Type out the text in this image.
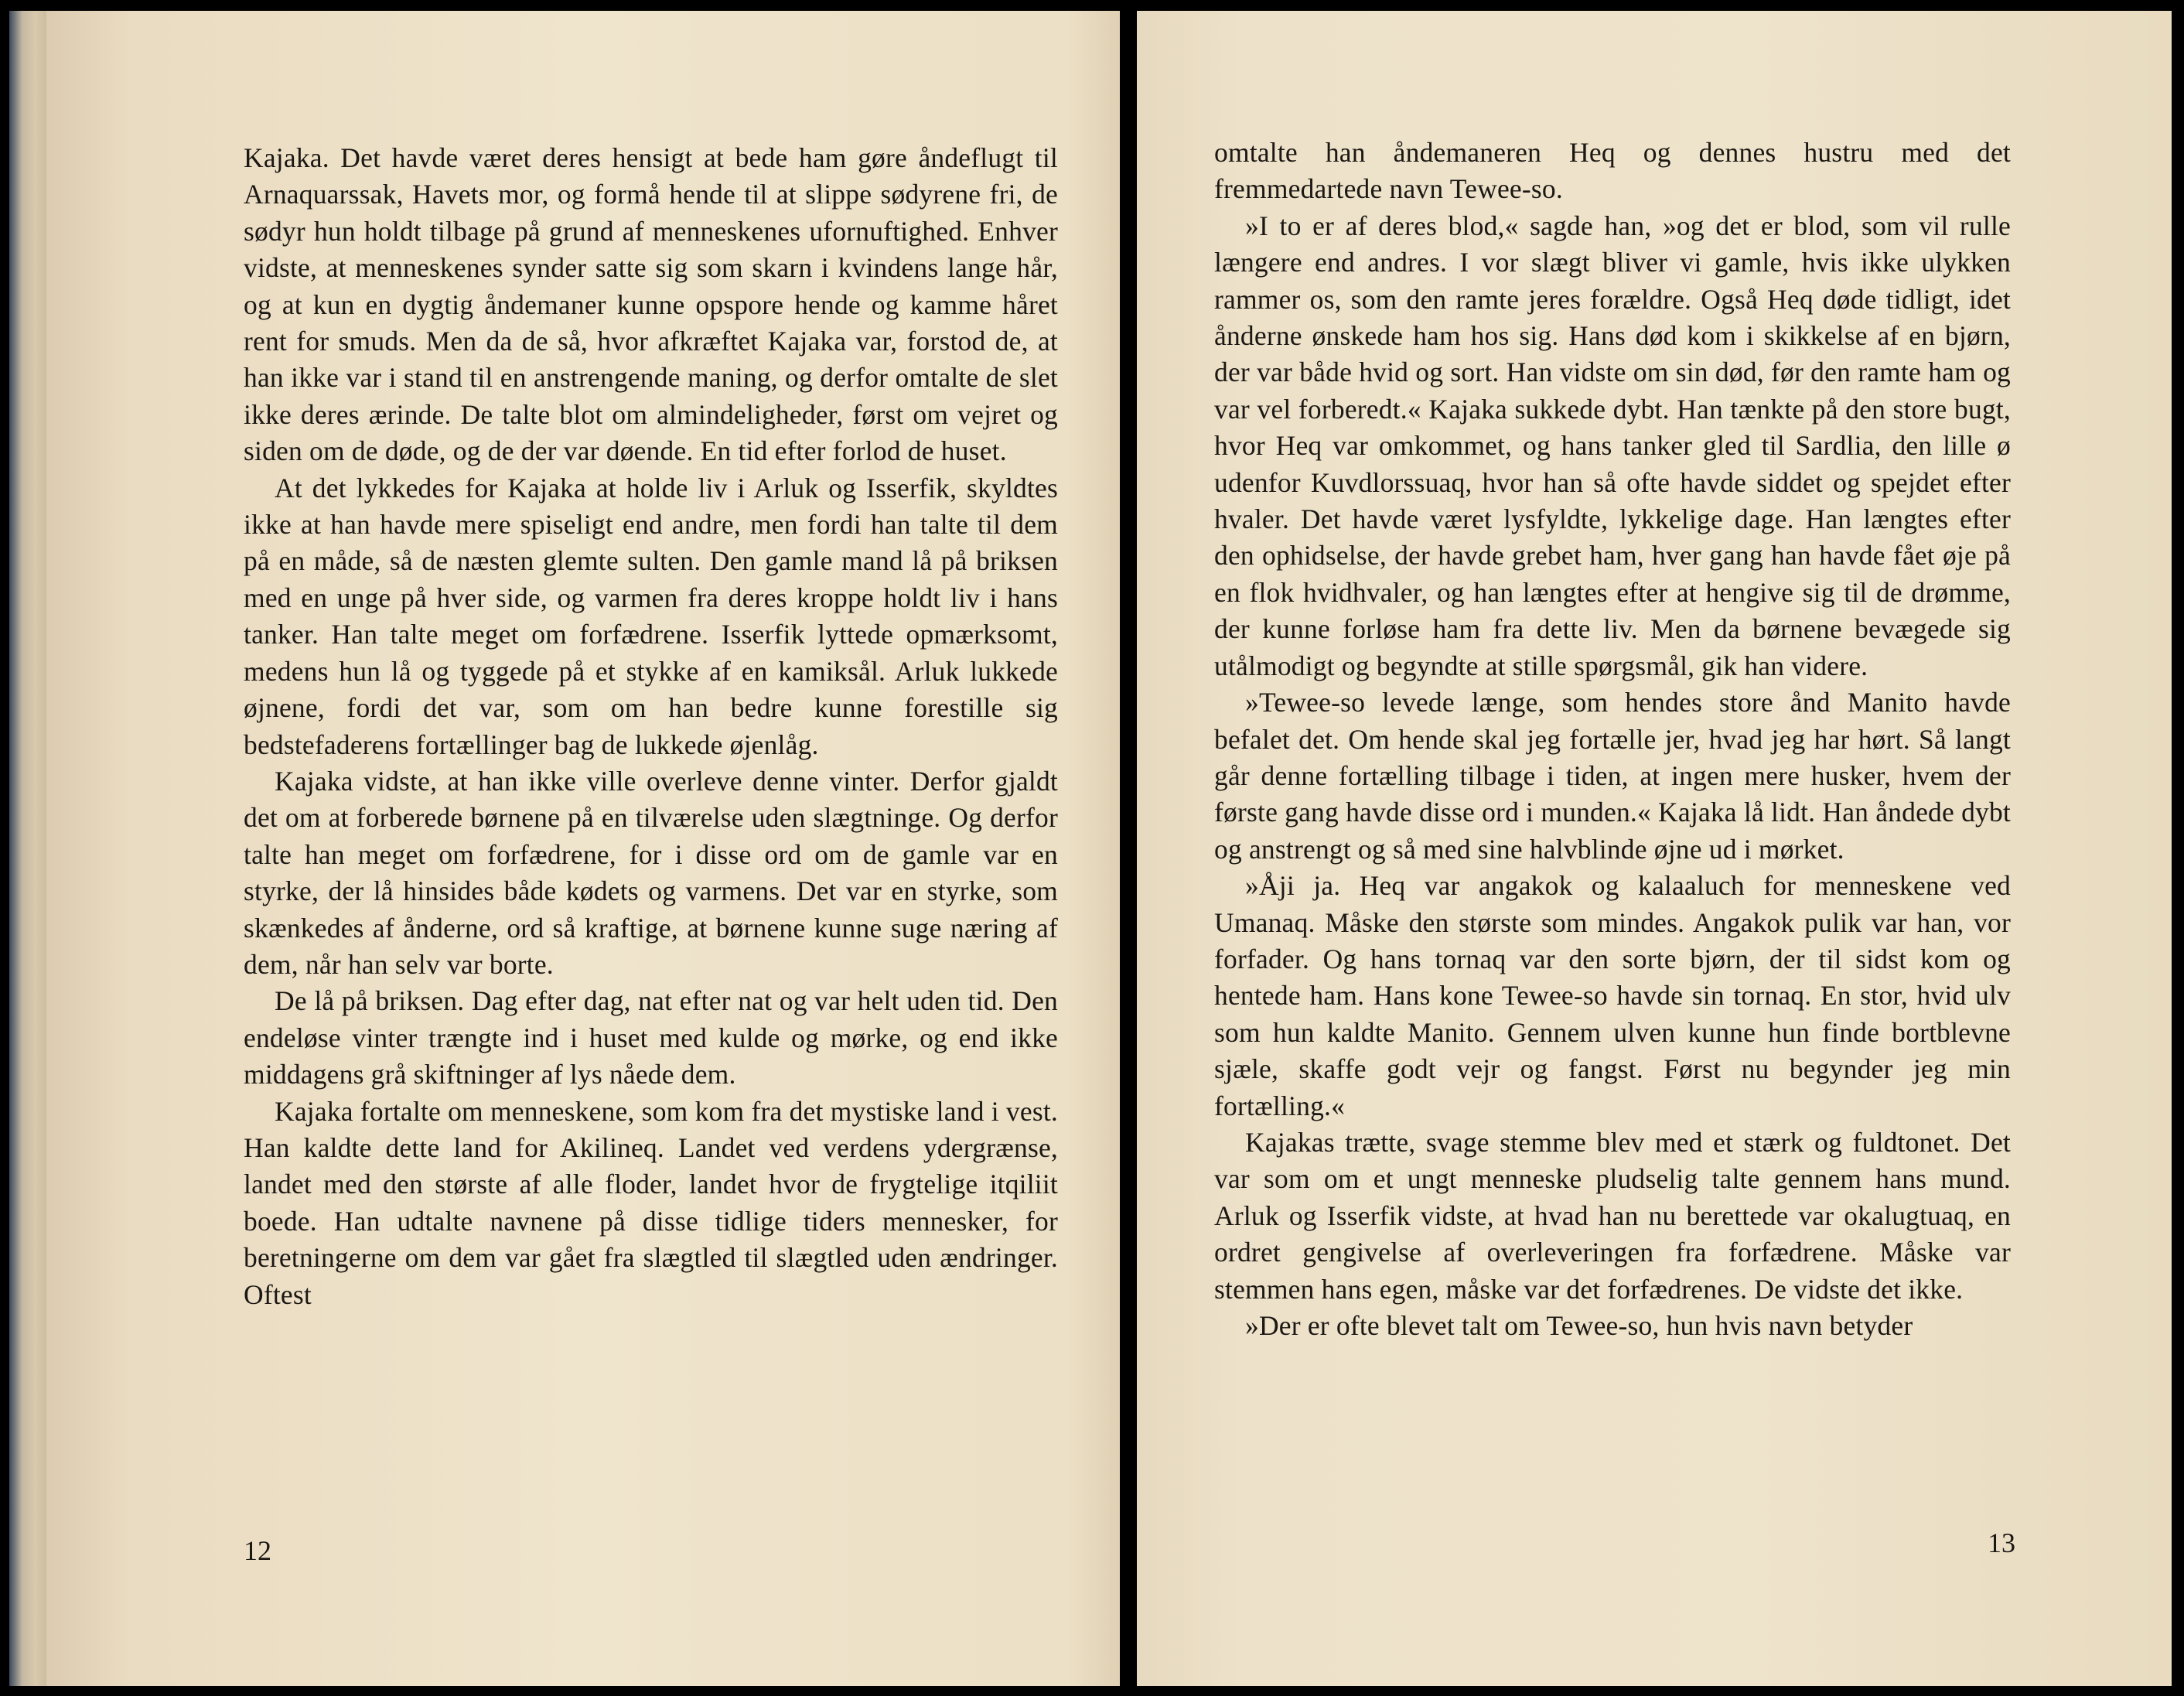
Kajaka. Det havde været deres hensigt at bede ham gøre åndeflugt til Arnaquarssak, Havets mor, og formå hende til at slippe sødyrene fri, de sødyr hun holdt tilbage på grund af menneskenes ufornuftighed. Enhver vidste, at menneskenes synder satte sig som skarn i kvindens lange hår, og at kun en dygtig åndemaner kunne opspore hende og kamme håret rent for smuds. Men da de så, hvor afkræftet Kajaka var, forstod de, at han ikke var i stand til en anstrengende maning, og derfor omtalte de slet ikke deres ærinde. De talte blot om almindeligheder, først om vejret og siden om de døde, og de der var døende. En tid efter forlod de huset.

At det lykkedes for Kajaka at holde liv i Arluk og Isserfik, skyldtes ikke at han havde mere spiseligt end andre, men fordi han talte til dem på en måde, så de næsten glemte sulten. Den gamle mand lå på briksen med en unge på hver side, og varmen fra deres kroppe holdt liv i hans tanker. Han talte meget om forfædrene. Isserfik lyttede opmærksomt, medens hun lå og tyggede på et stykke af en kamiksål. Arluk lukkede øjnene, fordi det var, som om han bedre kunne forestille sig bedstefaderens fortællinger bag de lukkede øjenlåg.

Kajaka vidste, at han ikke ville overleve denne vinter. Derfor gjaldt det om at forberede børnene på en tilværelse uden slægtninge. Og derfor talte han meget om forfædrene, for i disse ord om de gamle var en styrke, der lå hinsides både kødets og varmens. Det var en styrke, som skænkedes af ånderne, ord så kraftige, at børnene kunne suge næring af dem, når han selv var borte.

De lå på briksen. Dag efter dag, nat efter nat og var helt uden tid. Den endeløse vinter trængte ind i huset med kulde og mørke, og end ikke middagens grå skiftninger af lys nåede dem.

Kajaka fortalte om menneskene, som kom fra det mystiske land i vest. Han kaldte dette land for Akilineq. Landet ved verdens ydergrænse, landet med den største af alle floder, landet hvor de frygtelige itqiliit boede. Han udtalte navnene på disse tidlige tiders mennesker, for beretningerne om dem var gået fra slægtled til slægtled uden ændringer. Oftest

12

omtalte han åndemaneren Heq og dennes hustru med det fremmedartede navn Tewee-so.

»I to er af deres blod,« sagde han, »og det er blod, som vil rulle længere end andres. I vor slægt bliver vi gamle, hvis ikke ulykken rammer os, som den ramte jeres forældre. Også Heq døde tidligt, idet ånderne ønskede ham hos sig. Hans død kom i skikkelse af en bjørn, der var både hvid og sort. Han vidste om sin død, før den ramte ham og var vel forberedt.« Kajaka sukkede dybt. Han tænkte på den store bugt, hvor Heq var omkommet, og hans tanker gled til Sardlia, den lille ø udenfor Kuvdlorssuaq, hvor han så ofte havde siddet og spejdet efter hvaler. Det havde været lysfyldte, lykkelige dage. Han længtes efter den ophidselse, der havde grebet ham, hver gang han havde fået øje på en flok hvidhvaler, og han længtes efter at hengive sig til de drømme, der kunne forløse ham fra dette liv. Men da børnene bevægede sig utålmodigt og begyndte at stille spørgsmål, gik han videre.

»Tewee-so levede længe, som hendes store ånd Manito havde befalet det. Om hende skal jeg fortælle jer, hvad jeg har hørt. Så langt går denne fortælling tilbage i tiden, at ingen mere husker, hvem der første gang havde disse ord i munden.« Kajaka lå lidt. Han åndede dybt og anstrengt og så med sine halvblinde øjne ud i mørket.

»Åji ja. Heq var angakok og kalaaluch for menneskene ved Umanaq. Måske den største som mindes. Angakok pulik var han, vor forfader. Og hans tornaq var den sorte bjørn, der til sidst kom og hentede ham. Hans kone Tewee-so havde sin tornaq. En stor, hvid ulv som hun kaldte Manito. Gennem ulven kunne hun finde bortblevne sjæle, skaffe godt vejr og fangst. Først nu begynder jeg min fortælling.«

Kajakas trætte, svage stemme blev med et stærk og fuldtonet. Det var som om et ungt menneske pludselig talte gennem hans mund. Arluk og Isserfik vidste, at hvad han nu berettede var okalugtuaq, en ordret gengivelse af overleveringen fra forfædrene. Måske var stemmen hans egen, måske var det forfædrenes. De vidste det ikke.

»Der er ofte blevet talt om Tewee-so, hun hvis navn betyder

13
